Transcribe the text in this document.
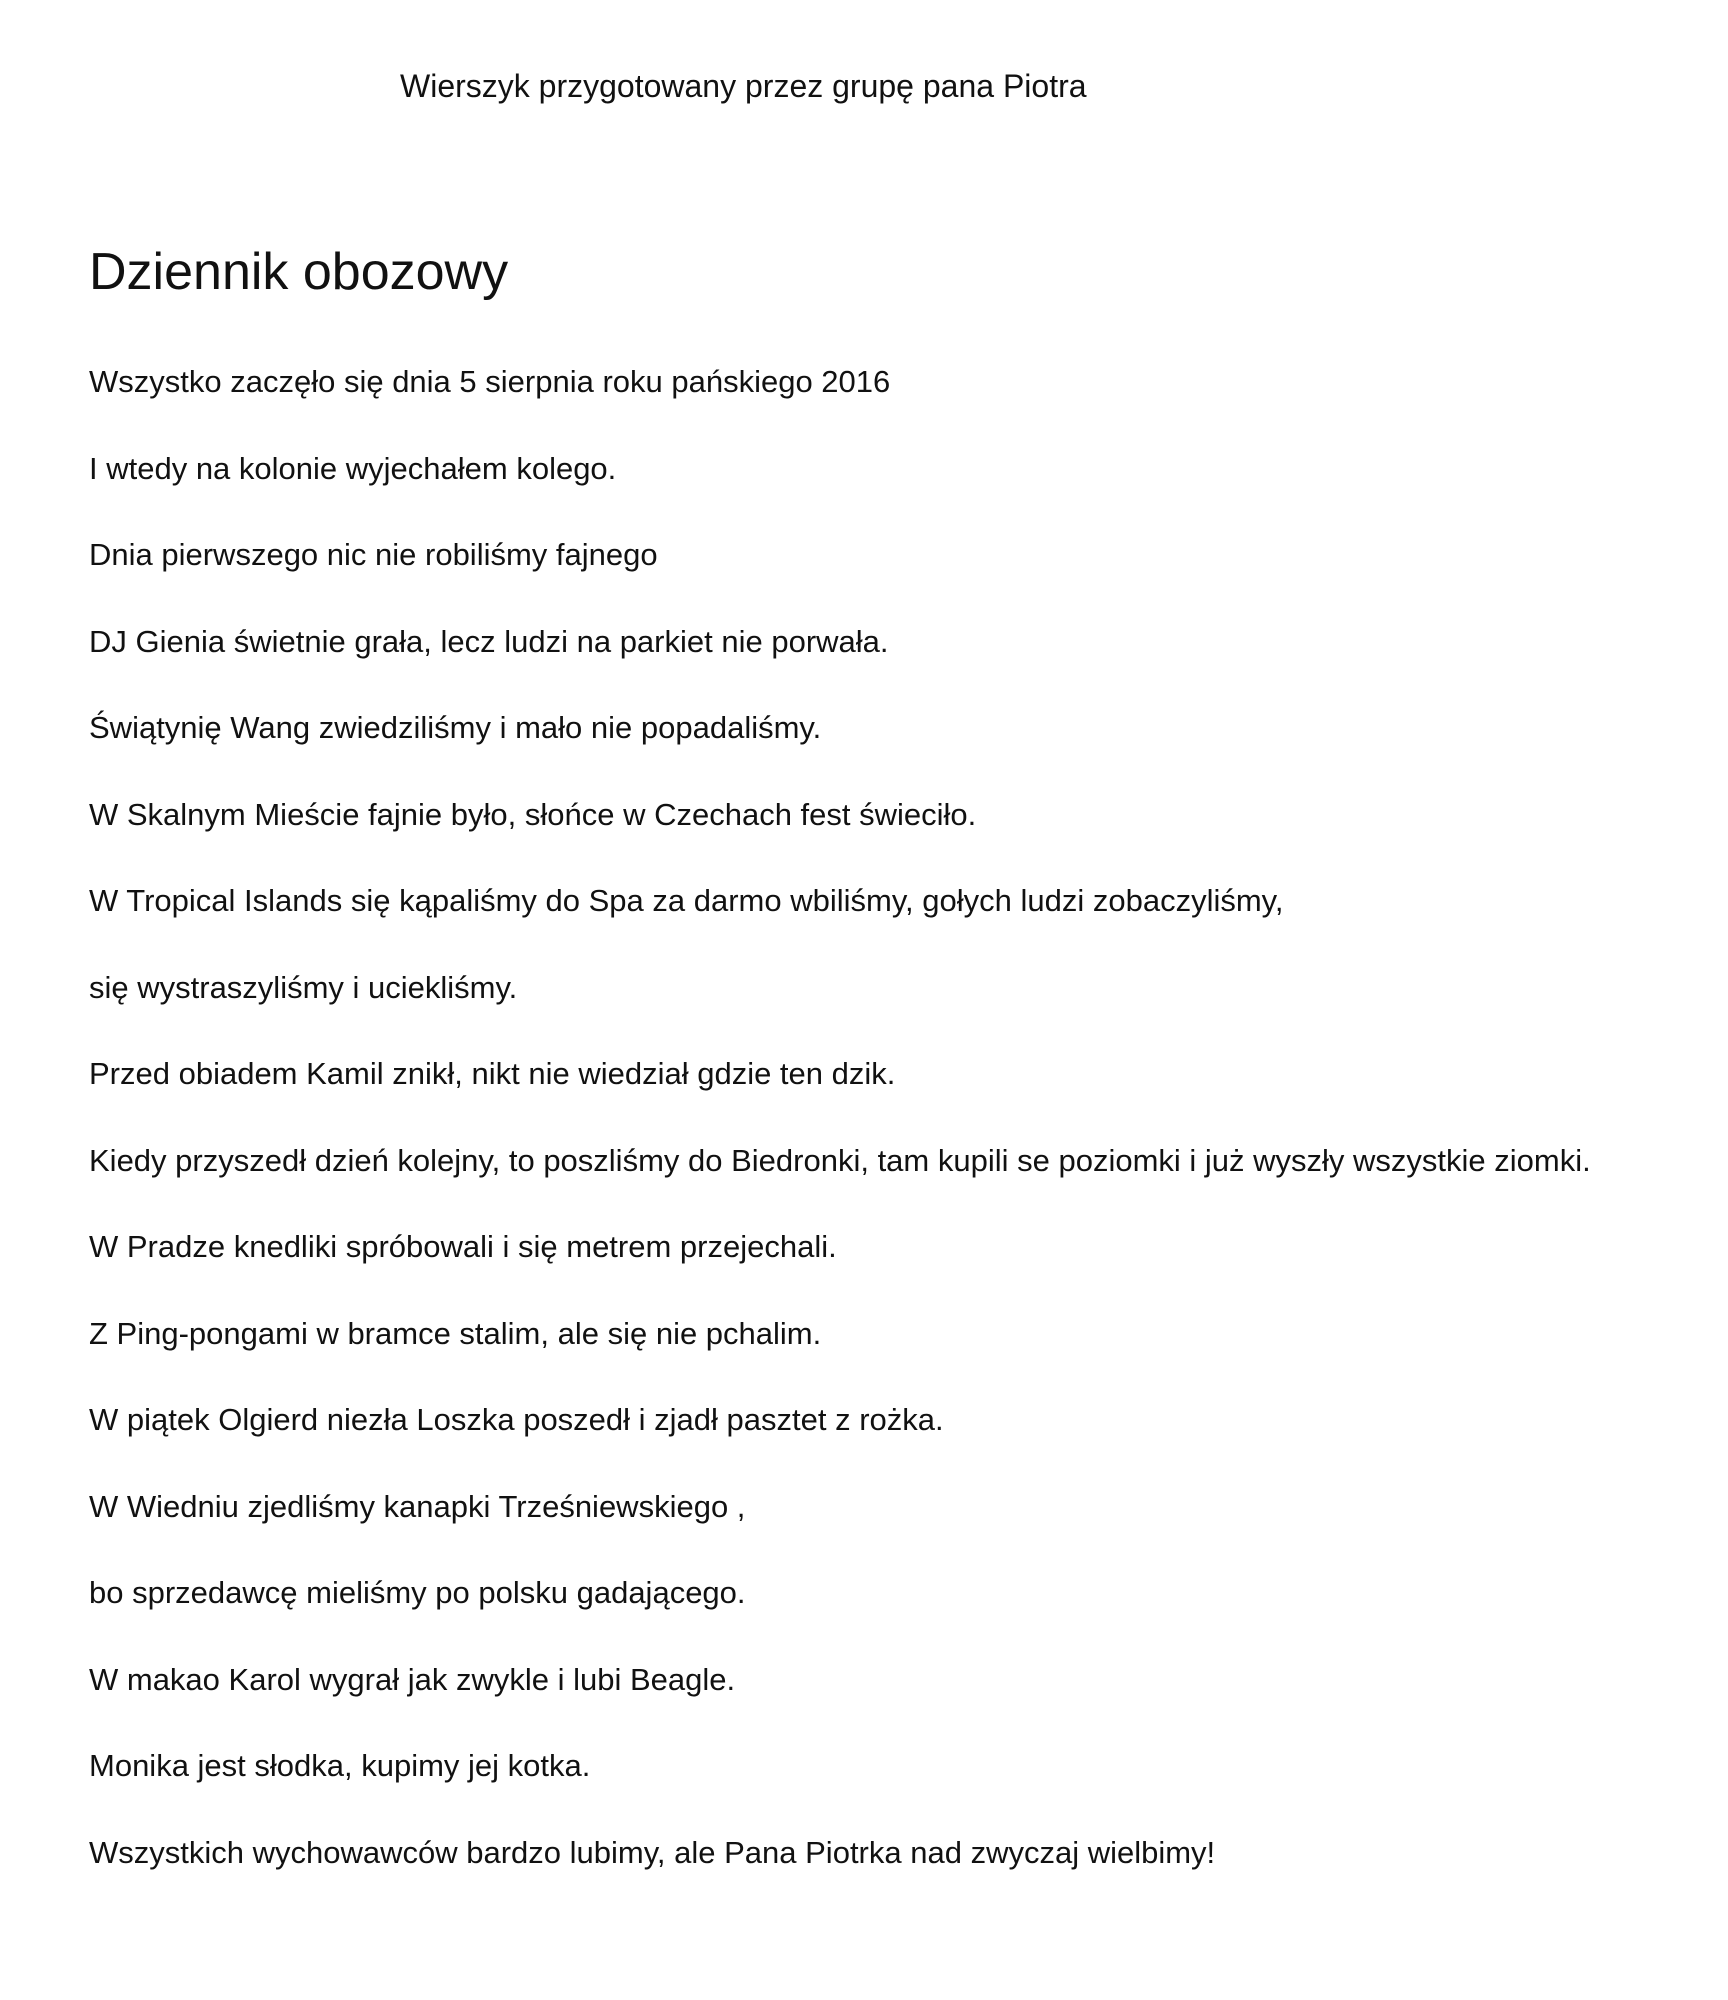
Wierszyk przygotowany przez grupę pana Piotra
Dziennik obozowy

Wszystko zaczęło się dnia 5 sierpnia roku pańskiego 2016

I wtedy na kolonie wyjechałem kolego.

Dnia pierwszego nic nie robiliśmy fajnego

DJ Gienia świetnie grała, lecz ludzi na parkiet nie porwała.

Świątynię Wang zwiedziliśmy i mało nie popadaliśmy.

W Skalnym Mieście fajnie było, słońce w Czechach fest świeciło.

W Tropical Islands się kąpaliśmy do Spa za darmo wbiliśmy, gołych ludzi zobaczyliśmy,

się wystraszyliśmy i uciekliśmy.

Przed obiadem Kamil znikł, nikt nie wiedział gdzie ten dzik.

Kiedy przyszedł dzień kolejny, to poszliśmy do Biedronki, tam kupili se poziomki i już wyszły wszystkie ziomki.

W Pradze knedliki spróbowali i się metrem przejechali.

Z Ping-pongami w bramce stalim, ale się nie pchalim.

W piątek Olgierd niezła Loszka poszedł i zjadł pasztet z rożka.

W Wiedniu zjedliśmy kanapki Trześniewskiego ,

bo sprzedawcę mieliśmy po polsku gadającego.

W makao Karol wygrał jak zwykle i lubi Beagle.

Monika jest słodka, kupimy jej kotka.

Wszystkich wychowawców bardzo lubimy, ale Pana Piotrka nad zwyczaj wielbimy!
